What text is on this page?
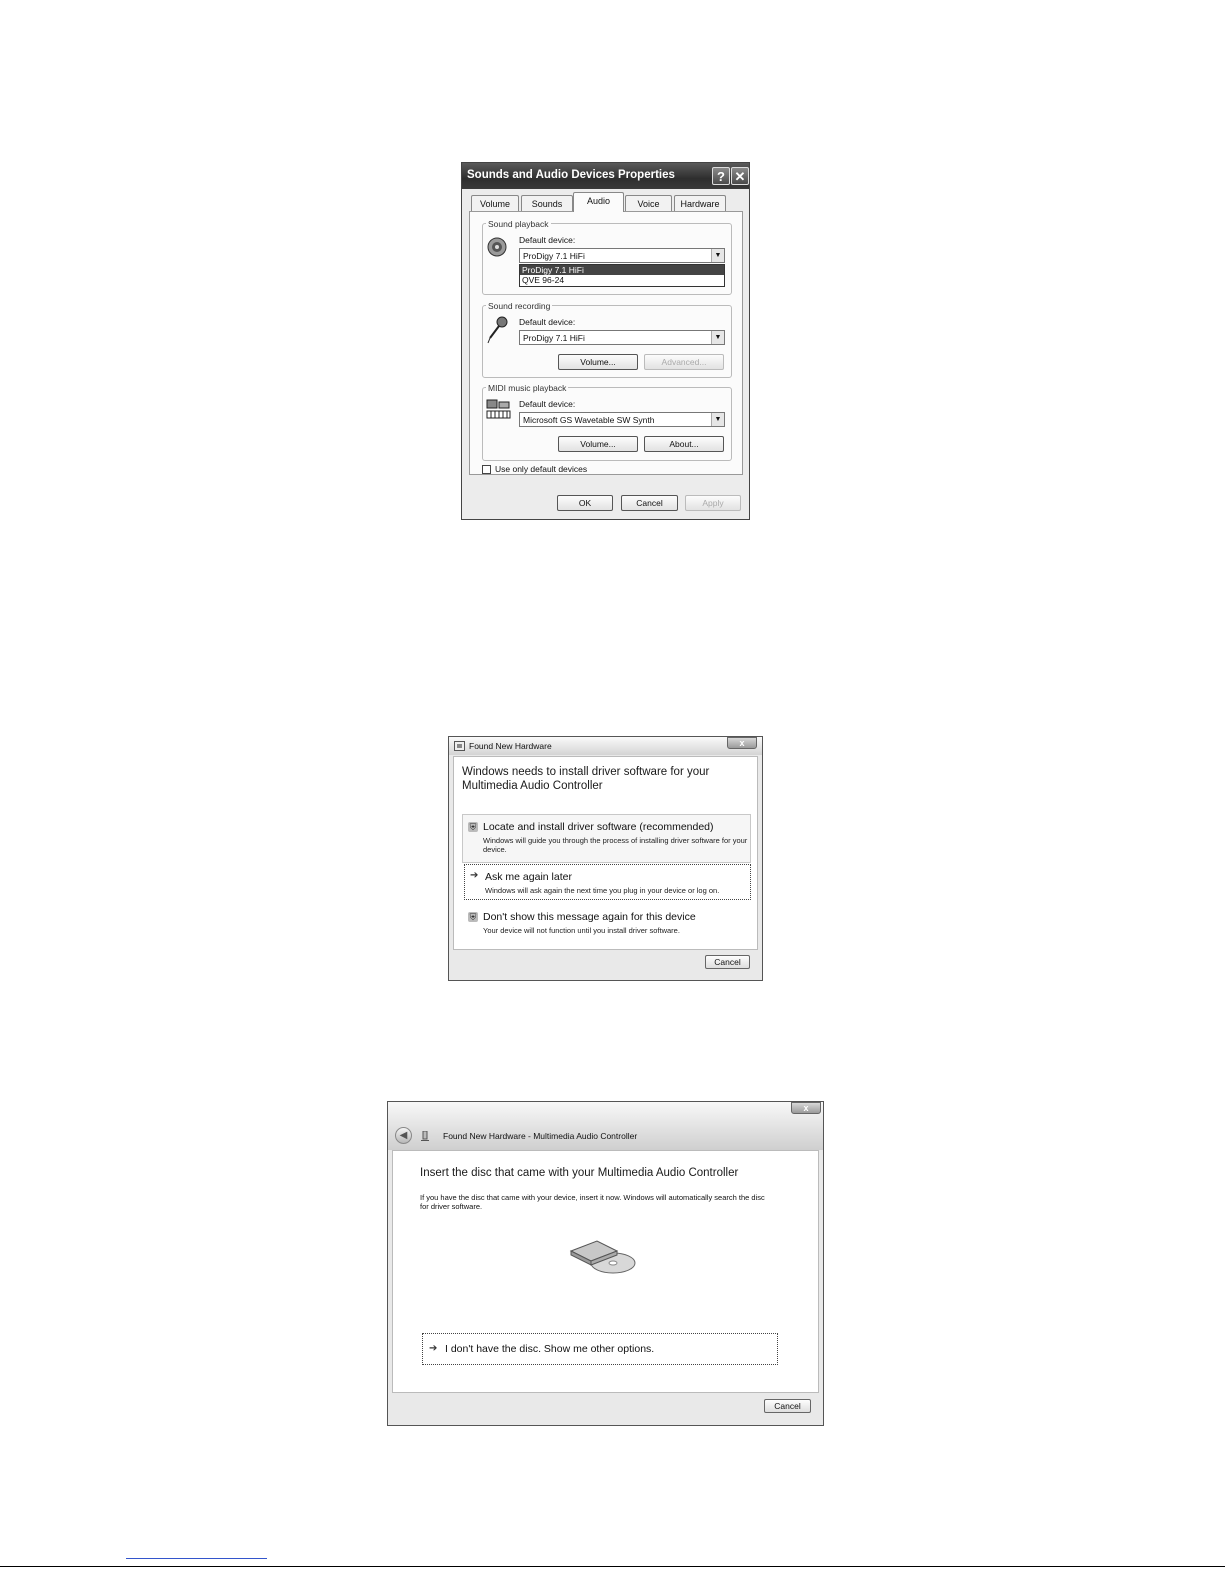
Sounds and Audio Devices Properties	? ✕
Volume	Sounds	Audio	Voice	Hardware
Sound playback
Default device:
ProDigy 7.1 HiFi	▼
ProDigy 7.1 HiFi
QVE 96-24
Sound recording
Default device:
ProDigy 7.1 HiFi	▼
Volume...	Advanced...
MIDI music playback
Default device:
Microsoft GS Wavetable SW Synth	▼
Volume...	About...
Use only default devices
OK	Cancel	Apply
Found New Hardware	x
Windows needs to install driver software for your Multimedia Audio Controller
⛨ Locate and install driver software (recommended)
Windows will guide you through the process of installing driver software for your device.
➔ Ask me again later
Windows will ask again the next time you plug in your device or log on.
⛨ Don't show this message again for this device
Your device will not function until you install driver software.
Cancel
x
◀	Found New Hardware - Multimedia Audio Controller
Insert the disc that came with your Multimedia Audio Controller
If you have the disc that came with your device, insert it now. Windows will automatically search the disc for driver software.
➔ I don't have the disc. Show me other options.
Cancel
